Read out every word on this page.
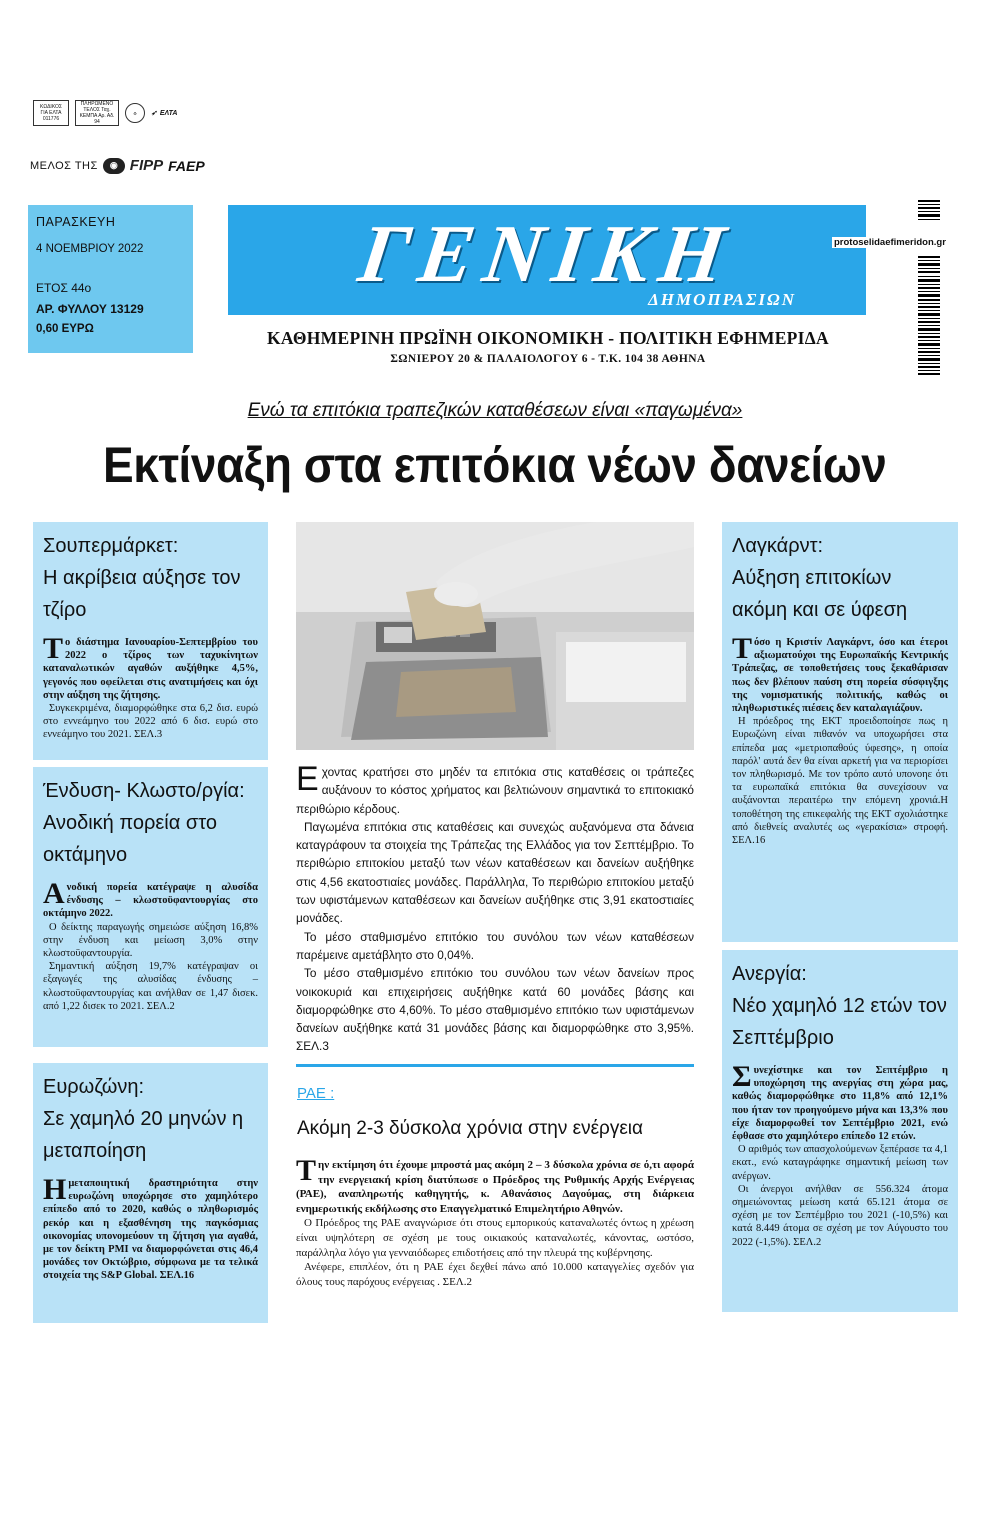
ΚΩΔΙΚΟΣ ΓΙΑ ΕΛΤΑ 011776
ΠΛΗΡΩΜΕΝΟ ΤΕΛΟΣ Ταχ. ΚΕΜΠΑ Αρ. Αδ. 94
⚙	➶ ΕΛΤΑ
ΜΕΛΟΣ ΤΗΣ	◉ FIPP FAEP
ΠΑΡΑΣΚΕΥΗ
4 ΝΟΕΜΒΡΙΟΥ 2022
ΕΤΟΣ 44ο
ΑΡ. ΦΥΛΛΟΥ 13129
0,60 ΕΥΡΩ
ΓΕΝΙΚΗ
ΔΗΜΟΠΡΑΣΙΩΝ
ΚΑΘΗΜΕΡΙΝΗ ΠΡΩΪΝΗ ΟΙΚΟΝΟΜΙΚΗ - ΠΟΛΙΤΙΚΗ ΕΦΗΜΕΡΙΔΑ
ΣΩΝΙΕΡΟΥ 20 & ΠΑΛΑΙΟΛΟΓΟΥ 6 - Τ.Κ. 104 38 ΑΘΗΝΑ
protoselidaefimeridon.gr
Ενώ τα επιτόκια τραπεζικών καταθέσεων είναι «παγωμένα»
Εκτίναξη στα επιτόκια νέων δανείων
Σουπερμάρκετ:
Η ακρίβεια αύξησε τον τζίρο

Το διάστημα Ιανουαρίου-Σεπτεμβρίου του 2022 ο τζίρος των ταχυκίνητων καταναλωτικών αγαθών αυξήθηκε 4,5%, γεγονός που οφείλεται στις ανατιμήσεις και όχι στην αύξηση της ζήτησης.

Συγκεκριμένα, διαμορφώθηκε στα 6,2 δισ. ευρώ στο εννεάμηνο του 2022 από 6 δισ. ευρώ στο εννεάμηνο του 2021. ΣΕΛ.3

Ένδυση- Κλωστο/ργία:
Ανοδική πορεία στο οκτάμηνο

Ανοδική πορεία κατέγραψε η αλυσίδα ένδυσης – κλωστοϋφαντουργίας στο οκτάμηνο 2022.

Ο δείκτης παραγωγής σημειώσε αύξηση 16,8% στην ένδυση και μείωση 3,0% στην κλωστοϋφαντουργία.

Σημαντική αύξηση 19,7% κατέγραψαν οι εξαγωγές της αλυσίδας ένδυσης – κλωστοϋφαντουργίας και ανήλθαν σε 1,47 δισεκ. από 1,22 δισεκ το 2021. ΣΕΛ.2

Ευρωζώνη:
Σε χαμηλό 20 μηνών η μεταποίηση

Ημεταποιητική δραστηριότητα στην ευρωζώνη υποχώρησε στο χαμηλότερο επίπεδο από το 2020, καθώς ο πληθωρισμός ρεκόρ και η εξασθένηση της παγκόσμιας οικονομίας υπονομεύουν τη ζήτηση για αγαθά, με τον δείκτη PMI να διαμορφώνεται στις 46,4 μονάδες τον Οκτώβριο, σύμφωνα με τα τελικά στοιχεία της S&P Global. ΣΕΛ.16

Εχοντας κρατήσει στο μηδέν τα επιτόκια στις καταθέσεις οι τράπεζες αυξάνουν το κόστος χρήματος και βελτιώνουν σημαντικά το επιτοκιακό περιθώριο κέρδους.

Παγωμένα επιτόκια στις καταθέσεις και συνεχώς αυξανόμενα στα δάνεια καταγράφουν τα στοιχεία της Τράπεζας της Ελλάδος για τον Σεπτέμβριο. Το περιθώριο επιτοκίου μεταξύ των νέων καταθέσεων και δανείων αυξήθηκε στις 4,56 εκατοστιαίες μονάδες. Παράλληλα, Το περιθώριο επιτοκίου μεταξύ των υφιστάμενων καταθέσεων και δανείων αυξήθηκε στις 3,91 εκατοστιαίες μονάδες.

Το μέσο σταθμισμένο επιτόκιο του συνόλου των νέων καταθέσεων παρέμεινε αμετάβλητο στο 0,04%.

Το μέσο σταθμισμένο επιτόκιο του συνόλου των νέων δανείων προς νοικοκυριά και επιχειρήσεις αυξήθηκε κατά 60 μονάδες βάσης και διαμορφώθηκε στο 4,60%. Το μέσο σταθμισμένο επιτόκιο των υφιστάμενων δανείων αυξήθηκε κατά 31 μονάδες βάσης και διαμορφώθηκε στο 3,95%. ΣΕΛ.3

ΡΑΕ :
Ακόμη 2-3 δύσκολα χρόνια στην ενέργεια

Την εκτίμηση ότι έχουμε μπροστά μας ακόμη 2 – 3 δύσκολα χρόνια σε ό,τι αφορά την ενεργειακή κρίση διατύπωσε ο Πρόεδρος της Ρυθμικής Αρχής Ενέργειας (ΡΑΕ), αναπληρωτής καθηγητής, κ. Αθανάσιος Δαγούμας, στη διάρκεια ενημερωτικής εκδήλωσης στο Επαγγελματικό Επιμελητήριο Αθηνών.

Ο Πρόεδρος της ΡΑΕ αναγνώρισε ότι στους εμπορικούς καταναλωτές όντως η χρέωση είναι υψηλότερη σε σχέση με τους οικιακούς καταναλωτές, κάνοντας, ωστόσο, παράλληλα λόγο για γενναιόδωρες επιδοτήσεις από την πλευρά της κυβέρνησης.

Ανέφερε, επιπλέον, ότι η ΡΑΕ έχει δεχθεί πάνω από 10.000 καταγγελίες σχεδόν για όλους τους παρόχους ενέργειας . ΣΕΛ.2

Λαγκάρντ:
Αύξηση επιτοκίων ακόμη και σε ύφεση

Τόσο η Κριστίν Λαγκάρντ, όσο και έτεροι αξιωματούχοι της Ευρωπαϊκής Κεντρικής Τράπεζας, σε τοποθετήσεις τους ξεκαθάρισαν πως δεν βλέπουν παύση στη πορεία σύσφιγξης της νομισματικής πολιτικής, καθώς οι πληθωριστικές πιέσεις δεν καταλαγιάζουν.

Η πρόεδρος της ΕΚΤ προειδοποίησε πως η Ευρωζώνη είναι πιθανόν να υποχωρήσει στα επίπεδα μας «μετριοπαθούς ύφεσης», η οποία παρόλ' αυτά δεν θα είναι αρκετή για να περιορίσει τον πληθωρισμό. Με τον τρόπο αυτό υπονοηε ότι τα ευρωπαϊκά επιτόκια θα συνεχίσουν να αυξάνονται περαιτέρω την επόμενη χρονιά.Η τοποθέτηση της επικεφαλής της ΕΚΤ σχολιάστηκε από διεθνείς αναλυτές ως «γερακίσια» στροφή. ΣΕΛ.16

Ανεργία:
Νέο χαμηλό 12 ετών τον Σεπτέμβριο

Συνεχίστηκε και τον Σεπτέμβριο η υποχώρηση της ανεργίας στη χώρα μας, καθώς διαμορφώθηκε στο 11,8% από 12,1% που ήταν τον προηγούμενο μήνα και 13,3% που είχε διαμορφωθεί τον Σεπτέμβριο 2021, ενώ έφθασε στο χαμηλότερο επίπεδο 12 ετών.

Ο αριθμός των απασχολούμενων ξεπέρασε τα 4,1 εκατ., ενώ καταγράφηκε σημαντική μείωση των ανέργων.

Οι άνεργοι ανήλθαν σε 556.324 άτομα σημειώνοντας μείωση κατά 65.121 άτομα σε σχέση με τον Σεπτέμβριο του 2021 (-10,5%) και κατά 8.449 άτομα σε σχέση με τον Αύγουστο του 2022 (-1,5%). ΣΕΛ.2
